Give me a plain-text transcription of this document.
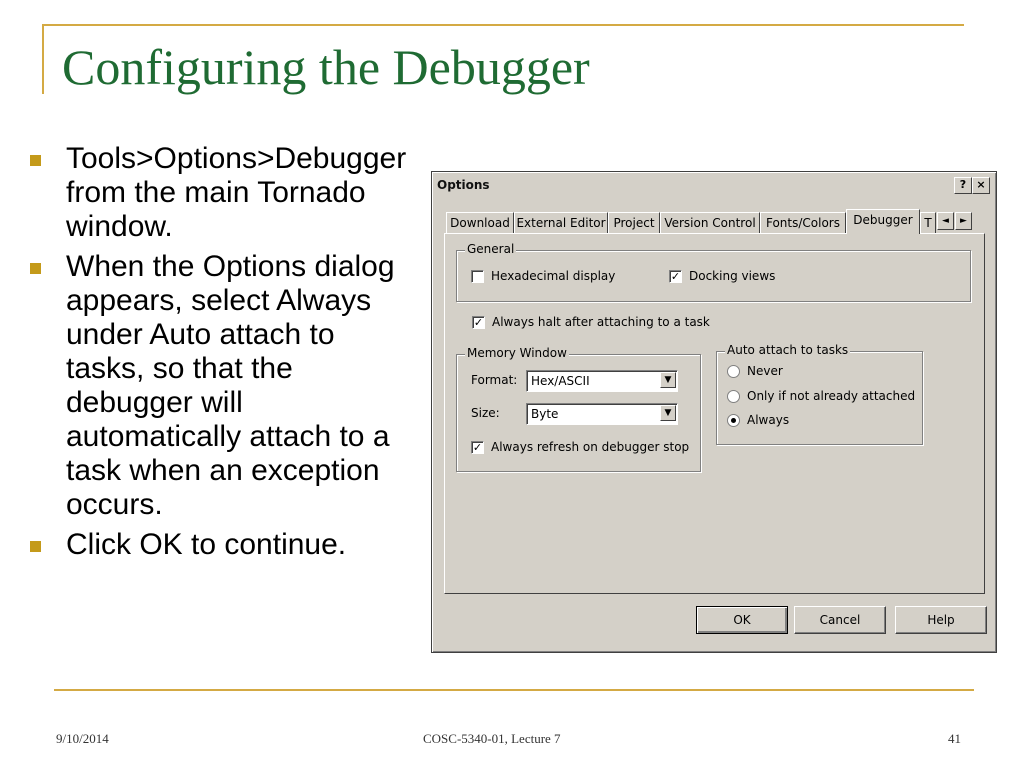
Configuring the Debugger
Tools>Options>Debugger from the main Tornado window.
When the Options dialog appears, select Always under Auto attach to tasks, so that the debugger will automatically attach to a task when an exception occurs.
Click OK to continue.
Options	? ×
Download External Editor Project Version Control Fonts/Colors	Debugger T	◄	►
General
Hexadecimal display	✓ Docking views
✓ Always halt after attaching to a task
Memory Window
Format: Hex/ASCII	▼
Size:	Byte	▼
✓ Always refresh on debugger stop
Auto attach to tasks
Never
Only if not already attached
Always
OK	Cancel	Help
9/10/2014	COSC-5340-01, Lecture 7	41
